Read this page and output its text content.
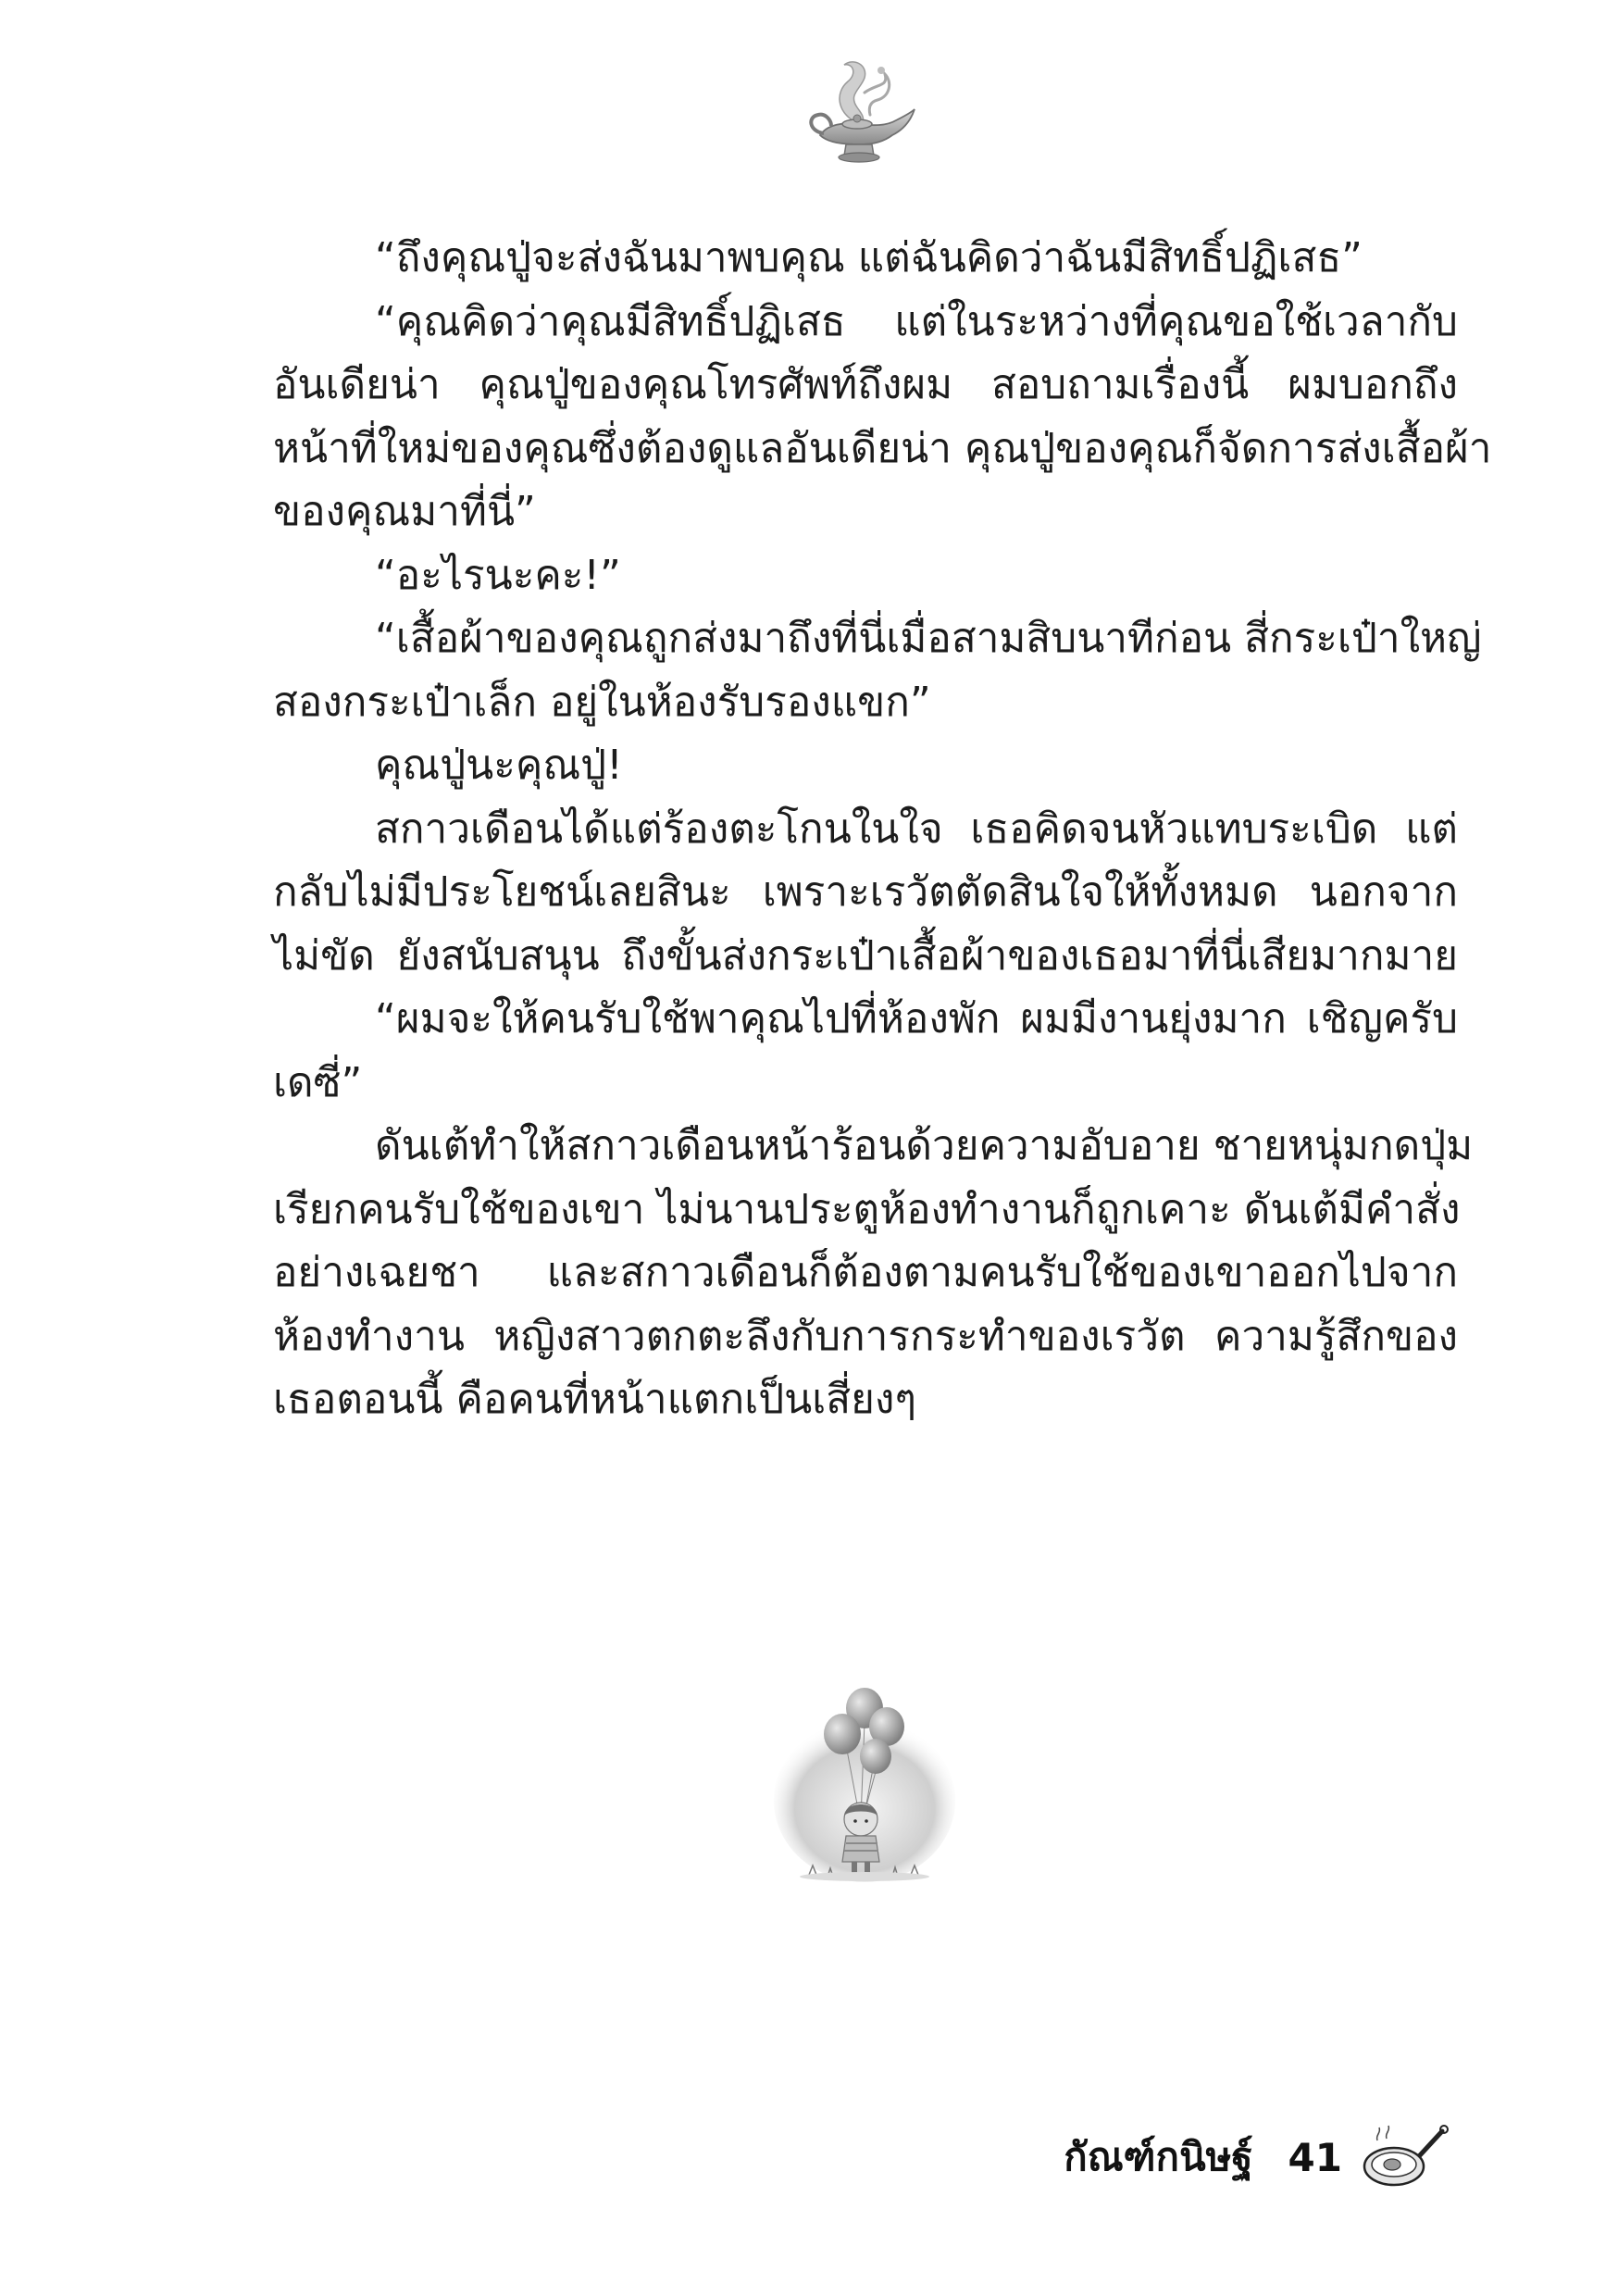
“ถึงคุณปู่จะส่งฉันมาพบคุณ แต่ฉันคิดว่าฉันมีสิทธิ์ปฏิเสธ”
“คุณคิดว่าคุณมีสิทธิ์ปฏิเสธ แต่ในระหว่างที่คุณขอใช้เวลากับ
อันเดียน่า คุณปู่ของคุณโทรศัพท์ถึงผม สอบถามเรื่องนี้ ผมบอกถึง
หน้าที่ใหม่ของคุณซึ่งต้องดูแลอันเดียน่า คุณปู่ของคุณก็จัดการส่งเสื้อผ้า
ของคุณมาที่นี่”
“อะไรนะคะ!”
“เสื้อผ้าของคุณถูกส่งมาถึงที่นี่เมื่อสามสิบนาทีก่อน สี่กระเป๋าใหญ่
สองกระเป๋าเล็ก อยู่ในห้องรับรองแขก”
คุณปู่นะคุณปู่!
สกาวเดือนได้แต่ร้องตะโกนในใจ เธอคิดจนหัวแทบระเบิด แต่
กลับไม่มีประโยชน์เลยสินะ เพราะเรวัตตัดสินใจให้ทั้งหมด นอกจาก
ไม่ขัด ยังสนับสนุน ถึงขั้นส่งกระเป๋าเสื้อผ้าของเธอมาที่นี่เสียมากมาย
“ผมจะให้คนรับใช้พาคุณไปที่ห้องพัก ผมมีงานยุ่งมาก เชิญครับ
เดซี่”
ดันเต้ทำให้สกาวเดือนหน้าร้อนด้วยความอับอาย ชายหนุ่มกดปุ่ม
เรียกคนรับใช้ของเขา ไม่นานประตูห้องทำงานก็ถูกเคาะ ดันเต้มีคำสั่ง
อย่างเฉยชา และสกาวเดือนก็ต้องตามคนรับใช้ของเขาออกไปจาก
ห้องทำงาน หญิงสาวตกตะลึงกับการกระทำของเรวัต ความรู้สึกของ
เธอตอนนี้ คือคนที่หน้าแตกเป็นเสี่ยงๆ
กัณฑ์กนิษฐ์ 41
